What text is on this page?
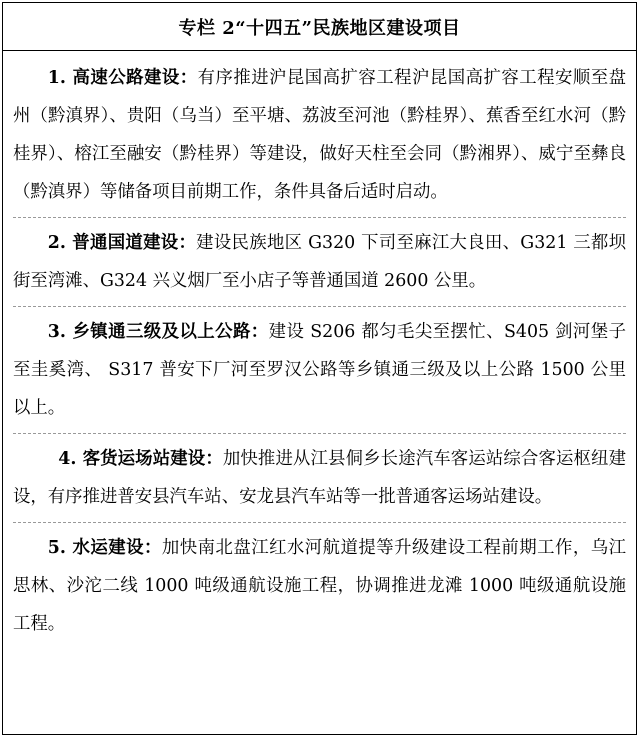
专栏 2“十四五”民族地区建设项目

1. 高速公路建设：有序推进沪昆国高扩容工程沪昆国高扩容工程安顺至盘州（黔滇界）、贵阳（乌当）至平塘、荔波至河池（黔桂界）、蕉香至红水河（黔桂界）、榕江至融安（黔桂界）等建设，做好天柱至会同（黔湘界）、威宁至彝良（黔滇界）等储备项目前期工作，条件具备后适时启动。

2. 普通国道建设：建设民族地区 G320 下司至麻江大良田、G321 三都坝街至湾滩、G324 兴义烟厂至小店子等普通国道 2600 公里。

3. 乡镇通三级及以上公路：建设 S206 都匀毛尖至摆忙、S405 剑河堡子至圭奚湾、 S317 普安下厂河至罗汉公路等乡镇通三级及以上公路 1500 公里以上。

4. 客货运场站建设：加快推进从江县侗乡长途汽车客运站综合客运枢纽建设，有序推进普安县汽车站、安龙县汽车站等一批普通客运场站建设。

5. 水运建设：加快南北盘江红水河航道提等升级建设工程前期工作，乌江思林、沙沱二线 1000 吨级通航设施工程，协调推进龙滩 1000 吨级通航设施工程。
